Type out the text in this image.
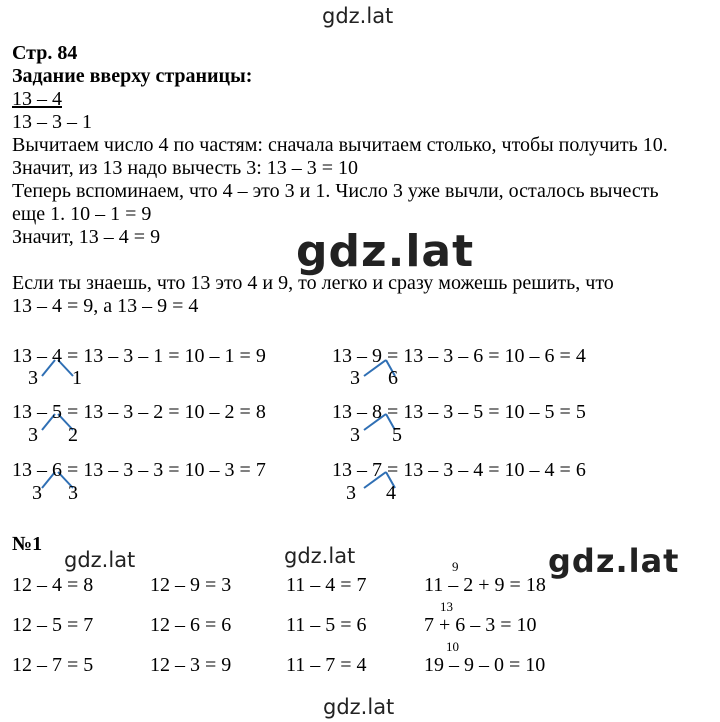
gdz.lat
gdz.lat
gdz.lat	gdz.lat	gdz.lat
gdz.lat
Стр. 84
Задание вверху страницы:
13 – 4
13 – 3 – 1
Вычитаем число 4 по частям: сначала вычитаем столько, чтобы получить 10.
Значит, из 13 надо вычесть 3: 13 – 3 = 10
Теперь вспоминаем, что 4 – это 3 и 1. Число 3 уже вычли, осталось вычесть
еще 1. 10 – 1 = 9
Значит, 13 – 4 = 9
Если ты знаешь, что 13 это 4 и 9, то легко и сразу можешь решить, что
13 – 4 = 9, а 13 – 9 = 4
13 – 4 = 13 – 3 – 1 = 10 – 1 = 9
3 1
13 – 9 = 13 – 3 – 6 = 10 – 6 = 4
3 6
13 – 5 = 13 – 3 – 2 = 10 – 2 = 8
3 2
13 – 8 = 13 – 3 – 5 = 10 – 5 = 5
3 5
13 – 6 = 13 – 3 – 3 = 10 – 3 = 7
3 3
13 – 7 = 13 – 3 – 4 = 10 – 4 = 6
3 4
№1
12 – 4 = 8
12 – 5 = 7
12 – 7 = 5
12 – 9 = 3
12 – 6 = 6
12 – 3 = 9
11 – 4 = 7
11 – 5 = 6
11 – 7 = 4
9
11 – 2 + 9 = 18
13
7 + 6 – 3 = 10
10
19 – 9 – 0 = 10
